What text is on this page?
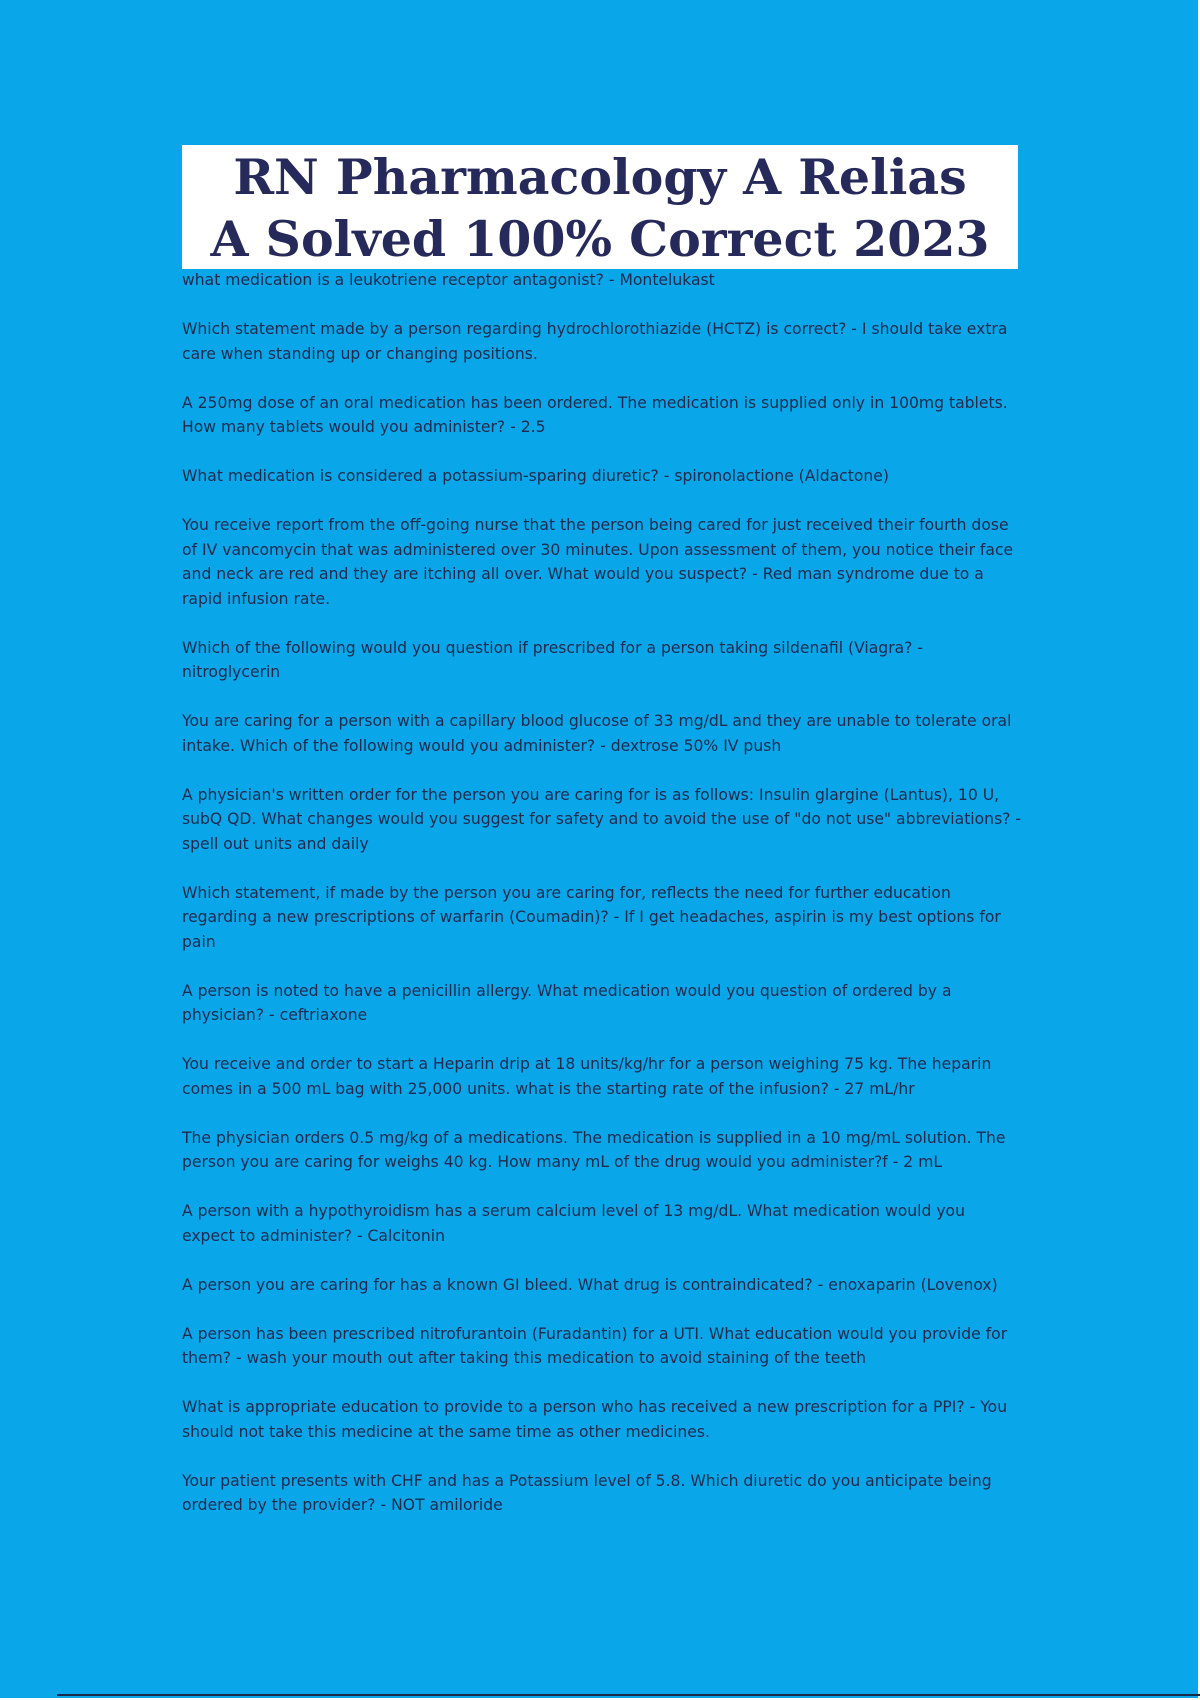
RN Pharmacology A Relias

A Solved 100% Correct 2023

what medication is a leukotriene receptor antagonist? - Montelukast

Which statement made by a person regarding hydrochlorothiazide (HCTZ) is correct? - I should take extra care when standing up or changing positions.

A 250mg dose of an oral medication has been ordered. The medication is supplied only in 100mg tablets. How many tablets would you administer? - 2.5

What medication is considered a potassium-sparing diuretic? - spironolactione (Aldactone)

You receive report from the off-going nurse that the person being cared for just received their fourth dose of IV vancomycin that was administered over 30 minutes. Upon assessment of them, you notice their face and neck are red and they are itching all over. What would you suspect? - Red man syndrome due to a rapid infusion rate.

Which of the following would you question if prescribed for a person taking sildenafil (Viagra? - nitroglycerin

You are caring for a person with a capillary blood glucose of 33 mg/dL and they are unable to tolerate oral intake. Which of the following would you administer? - dextrose 50% IV push

A physician's written order for the person you are caring for is as follows: Insulin glargine (Lantus), 10 U, subQ QD. What changes would you suggest for safety and to avoid the use of "do not use" abbreviations? - spell out units and daily

Which statement, if made by the person you are caring for, reflects the need for further education regarding a new prescriptions of warfarin (Coumadin)? - If I get headaches, aspirin is my best options for pain

A person is noted to have a penicillin allergy. What medication would you question of ordered by a physician? - ceftriaxone

You receive and order to start a Heparin drip at 18 units/kg/hr for a person weighing 75 kg. The heparin comes in a 500 mL bag with 25,000 units. what is the starting rate of the infusion? - 27 mL/hr

The physician orders 0.5 mg/kg of a medications. The medication is supplied in a 10 mg/mL solution. The person you are caring for weighs 40 kg. How many mL of the drug would you administer?f - 2 mL

A person with a hypothyroidism has a serum calcium level of 13 mg/dL. What medication would you expect to administer? - Calcitonin

A person you are caring for has a known GI bleed. What drug is contraindicated? - enoxaparin (Lovenox)

A person has been prescribed nitrofurantoin (Furadantin) for a UTI. What education would you provide for them? - wash your mouth out after taking this medication to avoid staining of the teeth

What is appropriate education to provide to a person who has received a new prescription for a PPI? - You should not take this medicine at the same time as other medicines.

Your patient presents with CHF and has a Potassium level of 5.8. Which diuretic do you anticipate being ordered by the provider? - NOT amiloride
